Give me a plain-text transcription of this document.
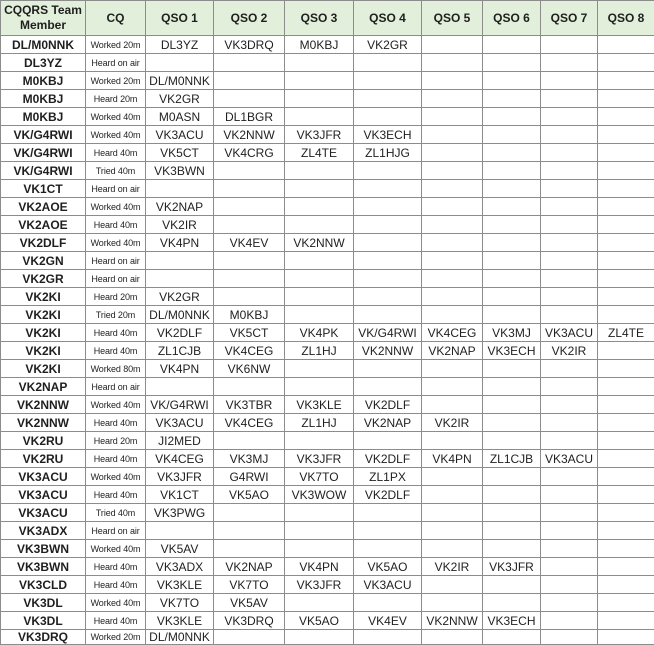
CQQRS Team Member	CQ	QSO 1	QSO 2	QSO 3	QSO 4	QSO 5	QSO 6	QSO 7	QSO 8
DL/M0NNK	Worked 20m	DL3YZ	VK3DRQ	M0KBJ	VK2GR				
DL3YZ	Heard on air								
M0KBJ	Worked 20m	DL/M0NNK							
M0KBJ	Heard 20m	VK2GR							
M0KBJ	Worked 40m	M0ASN	DL1BGR						
VK/G4RWI	Worked 40m	VK3ACU	VK2NNW	VK3JFR	VK3ECH				
VK/G4RWI	Heard 40m	VK5CT	VK4CRG	ZL4TE	ZL1HJG				
VK/G4RWI	Tried 40m	VK3BWN							
VK1CT	Heard on air								
VK2AOE	Worked 40m	VK2NAP							
VK2AOE	Heard 40m	VK2IR							
VK2DLF	Worked 40m	VK4PN	VK4EV	VK2NNW					
VK2GN	Heard on air								
VK2GR	Heard on air								
VK2KI	Heard 20m	VK2GR							
VK2KI	Tried 20m	DL/M0NNK	M0KBJ						
VK2KI	Heard 40m	VK2DLF	VK5CT	VK4PK	VK/G4RWI	VK4CEG	VK3MJ	VK3ACU	ZL4TE
VK2KI	Heard 40m	ZL1CJB	VK4CEG	ZL1HJ	VK2NNW	VK2NAP	VK3ECH	VK2IR	
VK2KI	Worked 80m	VK4PN	VK6NW						
VK2NAP	Heard on air								
VK2NNW	Worked 40m	VK/G4RWI	VK3TBR	VK3KLE	VK2DLF				
VK2NNW	Heard 40m	VK3ACU	VK4CEG	ZL1HJ	VK2NAP	VK2IR			
VK2RU	Heard 20m	JI2MED							
VK2RU	Heard 40m	VK4CEG	VK3MJ	VK3JFR	VK2DLF	VK4PN	ZL1CJB	VK3ACU	
VK3ACU	Worked 40m	VK3JFR	G4RWI	VK7TO	ZL1PX				
VK3ACU	Heard 40m	VK1CT	VK5AO	VK3WOW	VK2DLF				
VK3ACU	Tried 40m	VK3PWG							
VK3ADX	Heard on air								
VK3BWN	Worked 40m	VK5AV							
VK3BWN	Heard 40m	VK3ADX	VK2NAP	VK4PN	VK5AO	VK2IR	VK3JFR		
VK3CLD	Heard 40m	VK3KLE	VK7TO	VK3JFR	VK3ACU				
VK3DL	Worked 40m	VK7TO	VK5AV						
VK3DL	Heard 40m	VK3KLE	VK3DRQ	VK5AO	VK4EV	VK2NNW	VK3ECH		
VK3DRQ	Worked 20m	DL/M0NNK							
